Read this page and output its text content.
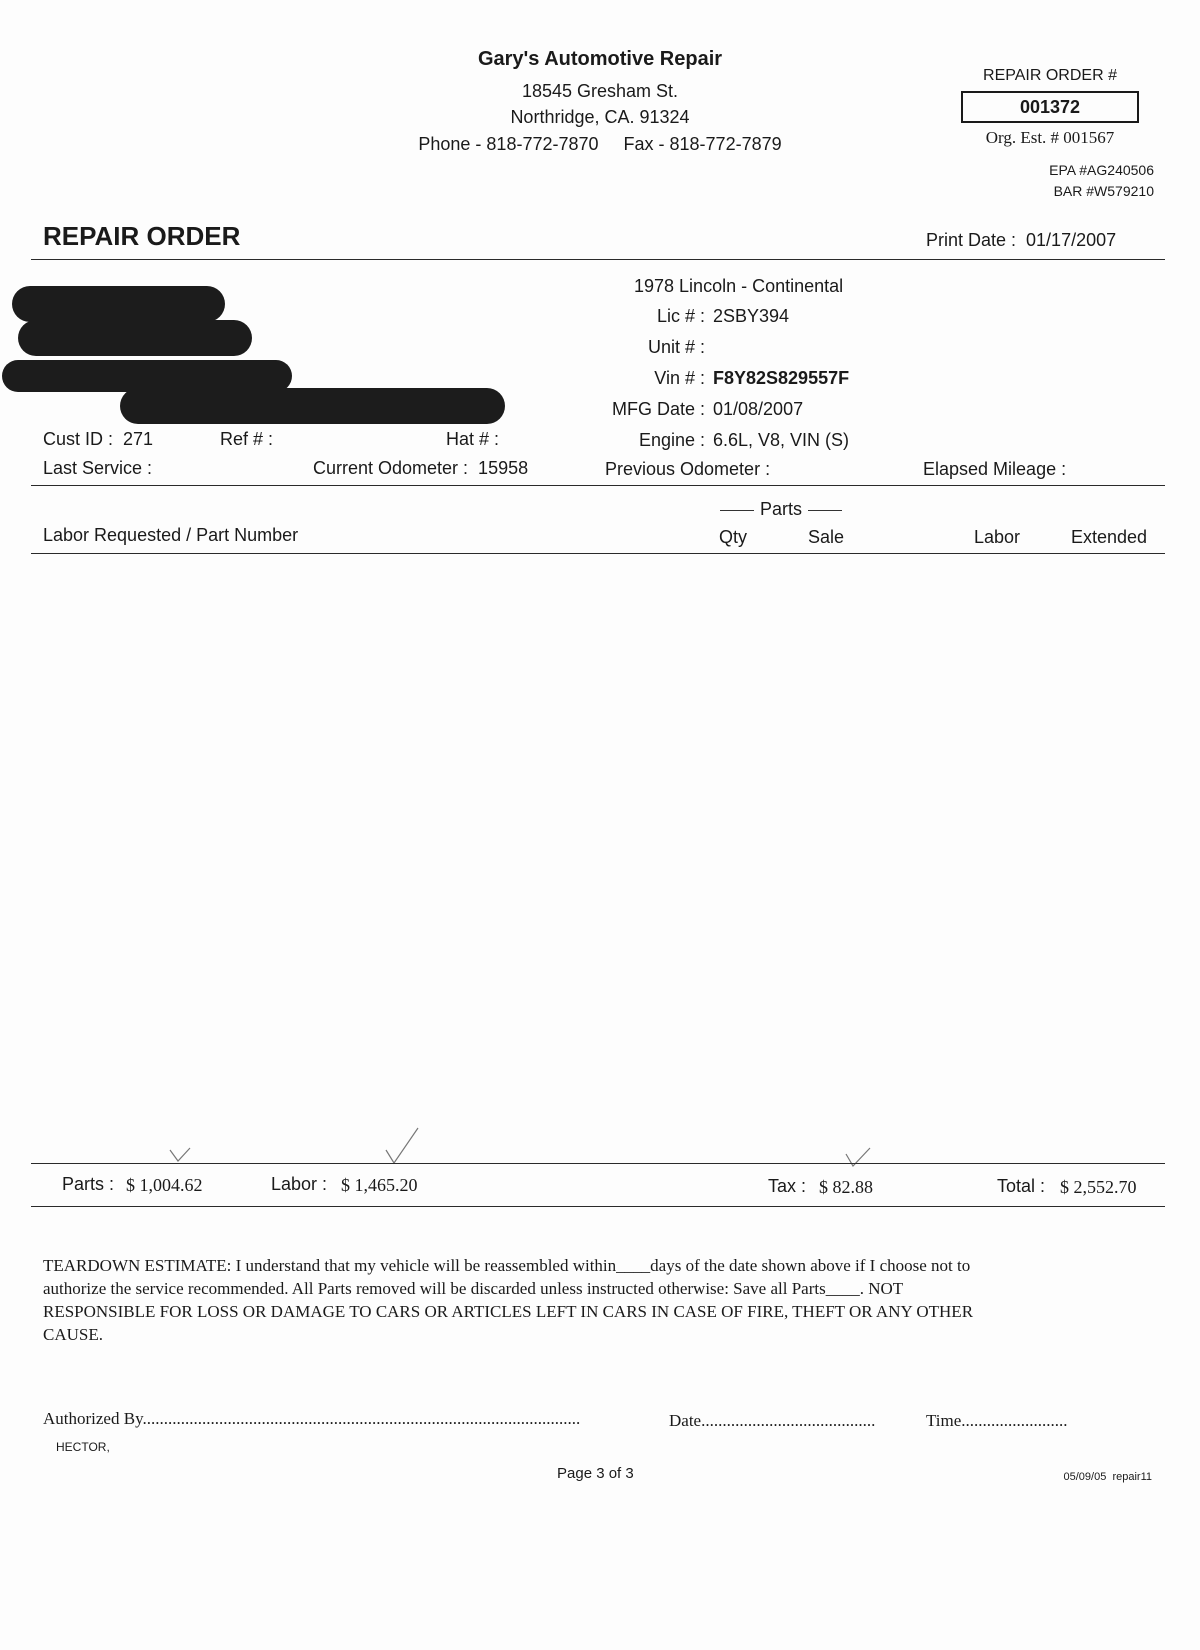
Gary's Automotive Repair
18545 Gresham St.
Northridge, CA. 91324
Phone - 818-772-7870     Fax - 818-772-7879
REPAIR ORDER #
001372
Org. Est. # 001567
EPA #AG240506
BAR #W579210
REPAIR ORDER	Print Date :  01/17/2007
1978 Lincoln - Continental
Lic # : 2SBY394
Unit # :
Vin # : F8Y82S829557F
MFG Date : 01/08/2007
Engine : 6.6L, V8, VIN (S)
Cust ID :  271	Ref # :	Hat # :
Last Service :	Current Odometer :  15958	Previous Odometer :	Elapsed Mileage :
Parts
Labor Requested / Part Number	Qty	Sale	Labor	Extended
Parts : $ 1,004.62	Labor : $ 1,465.20	Tax : $ 82.88	Total : $ 2,552.70
TEARDOWN ESTIMATE: I understand that my vehicle will be reassembled within____days of the date shown above if I choose not to
authorize the service recommended. All Parts removed will be discarded unless instructed otherwise: Save all Parts____. NOT
RESPONSIBLE FOR LOSS OR DAMAGE TO CARS OR ARTICLES LEFT IN CARS IN CASE OF FIRE, THEFT OR ANY OTHER
CAUSE.
Authorized By.......................................................................................................	Date.........................................	Time.........................
HECTOR,
Page 3 of 3	05/09/05  repair11
